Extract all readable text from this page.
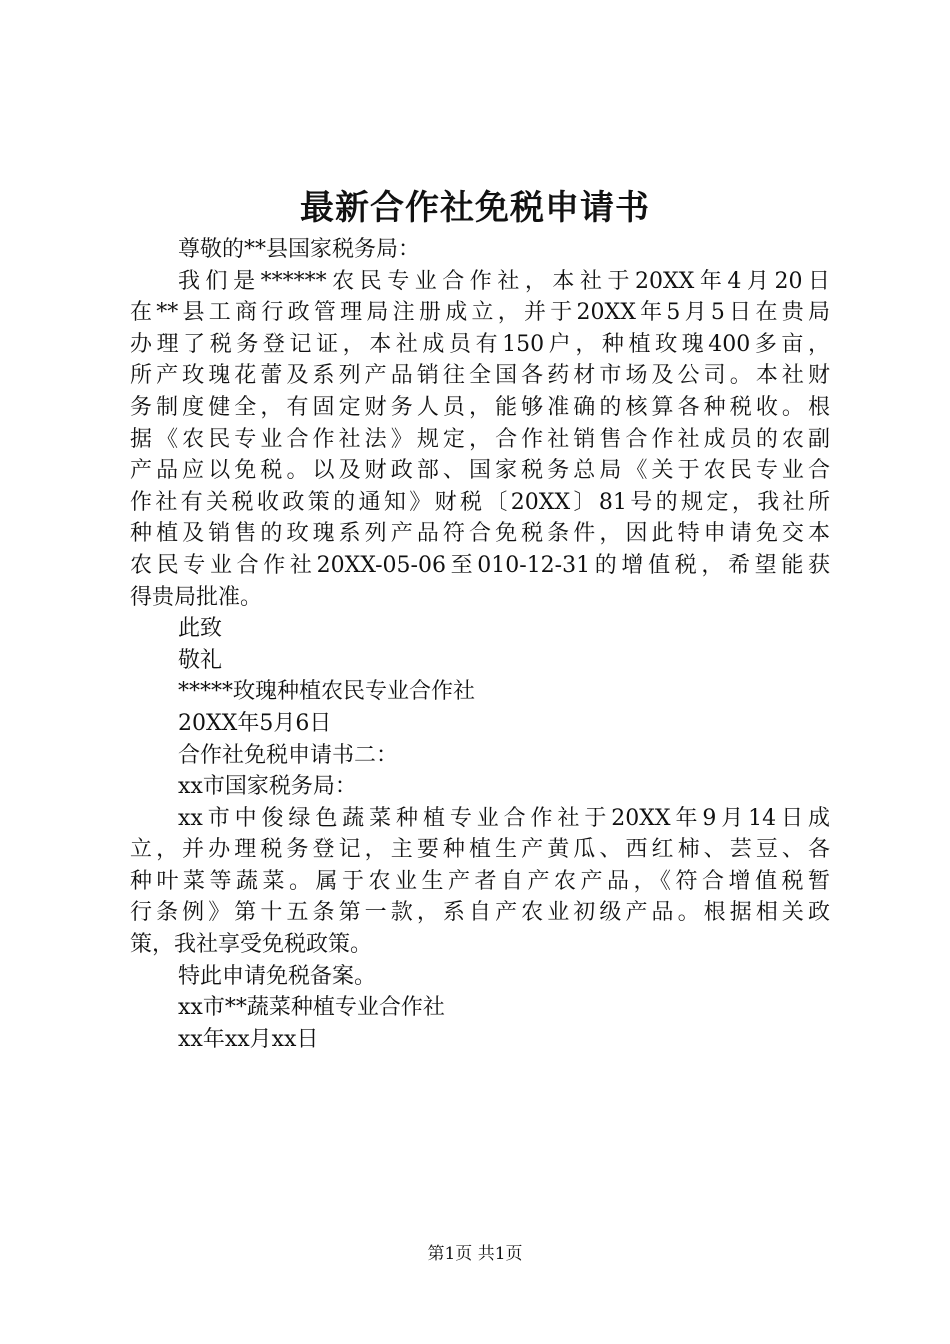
最新合作社免税申请书
尊敬的**县国家税务局：
我们是******农民专业合作社，本社于20XX年4月20日
在**县工商行政管理局注册成立，并于20XX年5月5日在贵局
办理了税务登记证，本社成员有150户，种植玫瑰400多亩，
所产玫瑰花蕾及系列产品销往全国各药材市场及公司。本社财
务制度健全，有固定财务人员，能够准确的核算各种税收。根
据《农民专业合作社法》规定，合作社销售合作社成员的农副
产品应以免税。以及财政部、国家税务总局《关于农民专业合
作社有关税收政策的通知》财税〔20XX〕81号的规定，我社所
种植及销售的玫瑰系列产品符合免税条件，因此特申请免交本
农民专业合作社20XX-05-06至010-12-31的增值税，希望能获
得贵局批准。
此致
敬礼
*****玫瑰种植农民专业合作社
20XX年5月6日
合作社免税申请书二：
xx市国家税务局：
xx市中俊绿色蔬菜种植专业合作社于20XX年9月14日成
立，并办理税务登记，主要种植生产黄瓜、西红柿、芸豆、各
种叶菜等蔬菜。属于农业生产者自产农产品，《符合增值税暂
行条例》第十五条第一款，系自产农业初级产品。根据相关政
策，我社享受免税政策。
特此申请免税备案。
xx市**蔬菜种植专业合作社
xx年xx月xx日
第1页 共1页
